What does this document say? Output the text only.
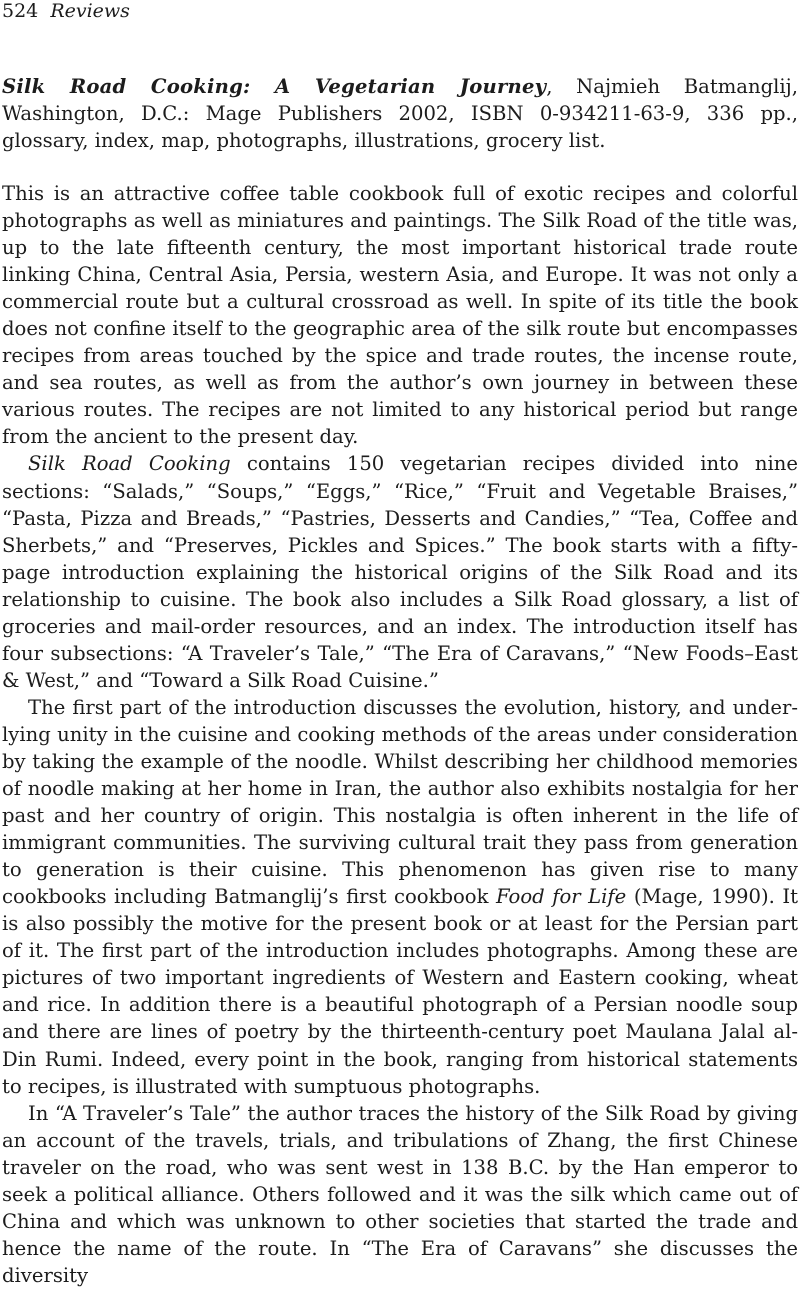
524 Reviews
Silk Road Cooking: A Vegetarian Journey, Najmieh Batmanglij, Washington, D.C.: Mage Publishers 2002, ISBN 0-934211-63-9, 336 pp., glossary, index, map, photographs, illustrations, grocery list.

This is an attractive coffee table cookbook full of exotic recipes and colorful photographs as well as miniatures and paintings. The Silk Road of the title was, up to the late fifteenth century, the most important historical trade route linking China, Central Asia, Persia, western Asia, and Europe. It was not only a commercial route but a cultural crossroad as well. In spite of its title the book does not confine itself to the geographic area of the silk route but encompasses recipes from areas touched by the spice and trade routes, the incense route, and sea routes, as well as from the author’s own journey in between these various routes. The recipes are not limited to any historical period but range from the ancient to the present day.

Silk Road Cooking contains 150 vegetarian recipes divided into nine sections: “Salads,” “Soups,” “Eggs,” “Rice,” “Fruit and Vegetable Braises,” “Pasta, Pizza and Breads,” “Pastries, Desserts and Candies,” “Tea, Coffee and Sherbets,” and “Preserves, Pickles and Spices.” The book starts with a fifty-page introduction explaining the historical origins of the Silk Road and its relationship to cuisine. The book also includes a Silk Road glossary, a list of groceries and mail-order resources, and an index. The introduction itself has four subsections: “A Traveler’s Tale,” “The Era of Caravans,” “New Foods–East & West,” and “Toward a Silk Road Cuisine.”

The first part of the introduction discusses the evolution, history, and underlying unity in the cuisine and cooking methods of the areas under consideration by taking the example of the noodle. Whilst describing her childhood memories of noodle making at her home in Iran, the author also exhibits nostalgia for her past and her country of origin. This nostalgia is often inherent in the life of immigrant communities. The surviving cultural trait they pass from generation to generation is their cuisine. This phenomenon has given rise to many cookbooks including Batmanglij’s first cookbook Food for Life (Mage, 1990). It is also possibly the motive for the present book or at least for the Persian part of it. The first part of the introduction includes photographs. Among these are pictures of two important ingredients of Western and Eastern cooking, wheat and rice. In addition there is a beautiful photograph of a Persian noodle soup and there are lines of poetry by the thirteenth-century poet Maulana Jalal al-Din Rumi. Indeed, every point in the book, ranging from historical statements to recipes, is illustrated with sumptuous photographs.

In “A Traveler’s Tale” the author traces the history of the Silk Road by giving an account of the travels, trials, and tribulations of Zhang, the first Chinese traveler on the road, who was sent west in 138 B.C. by the Han emperor to seek a political alliance. Others followed and it was the silk which came out of China and which was unknown to other societies that started the trade and hence the name of the route. In “The Era of Caravans” she discusses the diversity
